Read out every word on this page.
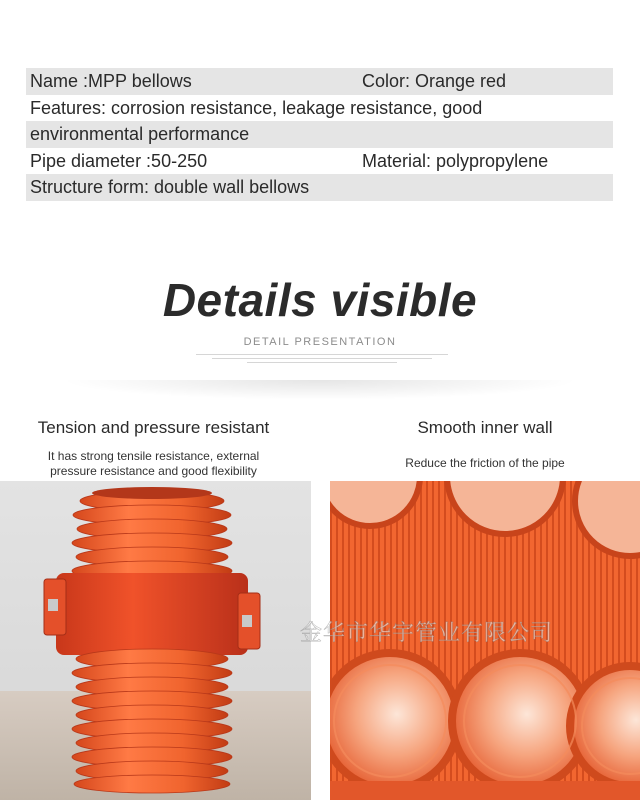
Name :MPP bellows	Color: Orange red
Features: corrosion resistance, leakage resistance, good
environmental performance
Pipe diameter :50-250	Material: polypropylene
Structure form: double wall bellows
Details visible
DETAIL PRESENTATION
Tension and pressure resistant
It has strong tensile resistance, external
pressure resistance and good flexibility
Smooth inner wall
Reduce the friction of the pipe
金华市华宇管业有限公司
